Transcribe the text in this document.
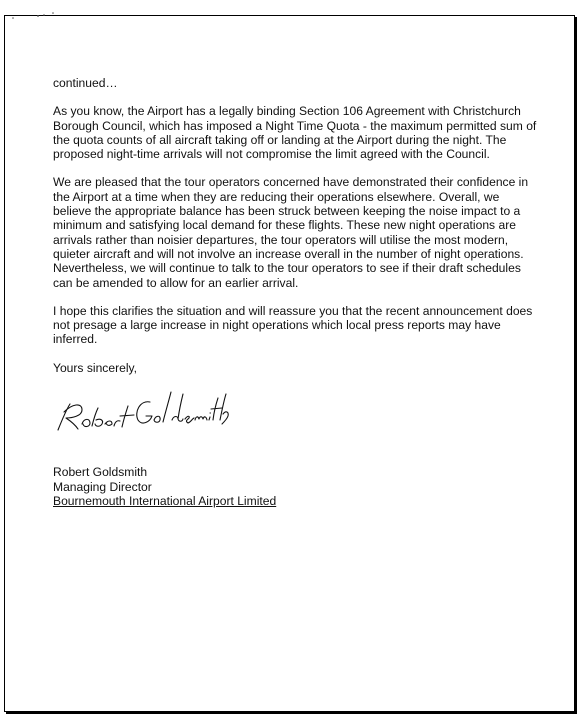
continued…

As you know, the Airport has a legally binding Section 106 Agreement with Christchurch Borough Council, which has imposed a Night Time Quota - the maximum permitted sum of the quota counts of all aircraft taking off or landing at the Airport during the night. The proposed night-time arrivals will not compromise the limit agreed with the Council.

We are pleased that the tour operators concerned have demonstrated their confidence in the Airport at a time when they are reducing their operations elsewhere. Overall, we believe the appropriate balance has been struck between keeping the noise impact to a minimum and satisfying local demand for these flights. These new night operations are arrivals rather than noisier departures, the tour operators will utilise the most modern, quieter aircraft and will not involve an increase overall in the number of night operations. Nevertheless, we will continue to talk to the tour operators to see if their draft schedules can be amended to allow for an earlier arrival.

I hope this clarifies the situation and will reassure you that the recent announcement does not presage a large increase in night operations which local press reports may have inferred.

Yours sincerely,

Robert Goldsmith
Managing Director
Bournemouth International Airport Limited
